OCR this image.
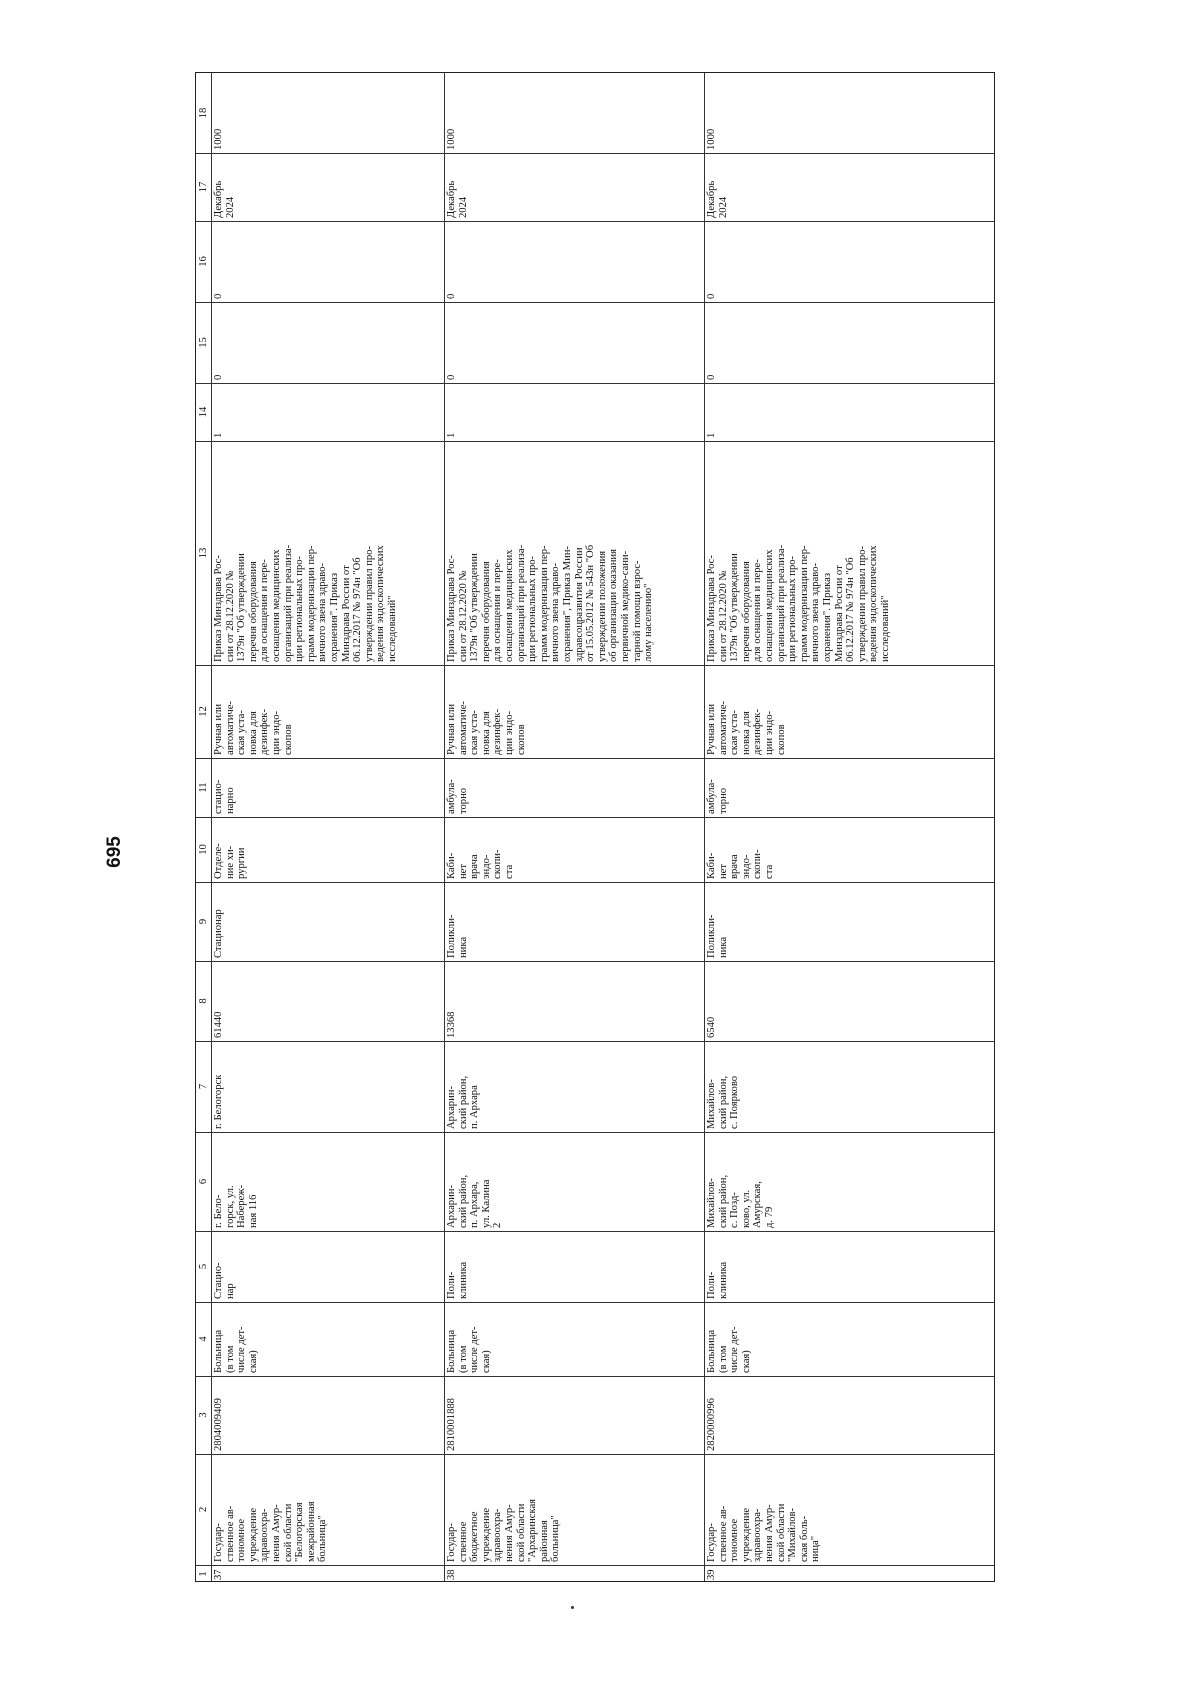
695
1
2
3
4
5
6
7
8
9
10
11
12
13
14
15
16
17
18
37
Государ-
ственное ав-
тономное
учреждение
здравоохра-
нения Амур-
ской области
"Белогорская
межрайонная
больница"
2804009409
Больница
(в том
числе дет-
ская)
Стацио-
нар
г. Бело-
горск, ул.
Набереж-
ная 116
г. Белогорск
61440
Стационар
Отделе-
ние хи-
рургии
стацио-
нарно
Ручная или
автоматиче-
ская уста-
новка для
дезинфек-
ции эндо-
скопов
Приказ Минздрава Рос-
сии от 28.12.2020 №
1379н "Об утверждении
перечня оборудования
для оснащения и пере-
оснащения медицинских
организаций при реализа-
ции региональных про-
грамм модернизации пер-
вичного звена здраво-
охранения". Приказ
Минздрава России от
06.12.2017 № 974н "Об
утверждении правил про-
ведения эндоскопических
исследований"
1
0
0
Декабрь
2024
1000
38
Государ-
ственное
бюджетное
учреждение
здравоохра-
нения Амур-
ской области
"Архаринская
районная
больница"
2810001888
Больница
(в том
числе дет-
ская)
Поли-
клиника
Архарин-
ский район,
п. Архара,
ул. Калина
2
Архарин-
ский район,
п. Архара
13368
Поликли-
ника
Каби-
нет
врача
эндо-
скопи-
ста
амбула-
торно
Ручная или
автоматиче-
ская уста-
новка для
дезинфек-
ции эндо-
скопов
Приказ Минздрава Рос-
сии от 28.12.2020 №
1379н "Об утверждении
перечня оборудования
для оснащения и пере-
оснащения медицинских
организаций при реализа-
ции региональных про-
грамм модернизации пер-
вичного звена здраво-
охранения", Приказ Мин-
здравсоцразвития России
от 15.05.2012 № 543н "Об
утверждении положения
об организации оказания
первичной медико-сани-
тарной помощи взрос-
лому населению"
1
0
0
Декабрь
2024
1000
39
Государ-
ственное ав-
тономное
учреждение
здравоохра-
нения Амур-
ской области
"Михайлов-
ская боль-
ница"
2820000996
Больница
(в том
числе дет-
ская)
Поли-
клиника
Михайлов-
ский район,
с. Позд-
ково, ул.
Амурская,
д. 79
Михайлов-
ский район,
с. Поярково
6540
Поликли-
ника
Каби-
нет
врача
эндо-
скопи-
ста
амбула-
торно
Ручная или
автоматиче-
ская уста-
новка для
дезинфек-
ции эндо-
скопов
Приказ Минздрава Рос-
сии от 28.12.2020 №
1379н "Об утверждении
перечня оборудования
для оснащения и пере-
оснащения медицинских
организаций при реализа-
ции региональных про-
грамм модернизации пер-
вичного звена здраво-
охранения". Приказ
Минздрава России от
06.12.2017 № 974н "Об
утверждении правил про-
ведения эндоскопических
исследований"
1
0
0
Декабрь
2024
1000
